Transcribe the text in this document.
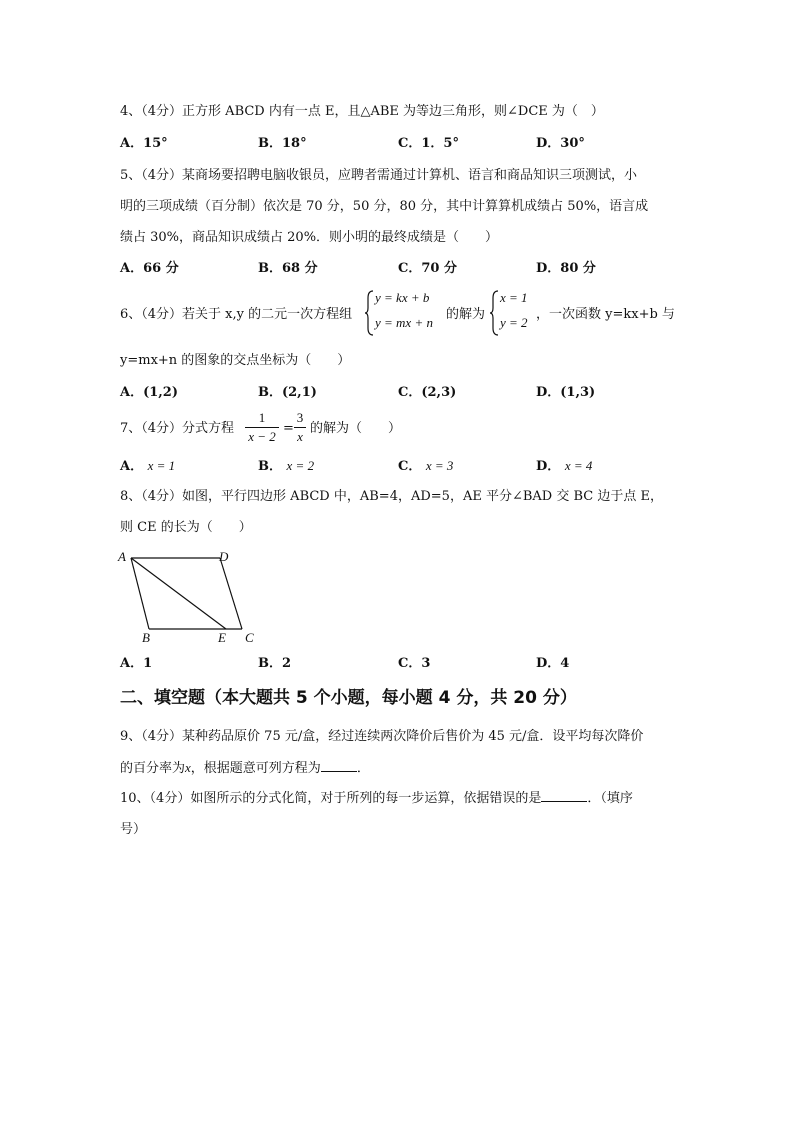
4、（4分）正方形 ABCD 内有一点 E，且△ABE 为等边三角形，则∠DCE 为（　）
A．15°	B．18°	C．1．5°	D．30°
5、（4分）某商场要招聘电脑收银员，应聘者需通过计算机、语言和商品知识三项测试，小
明的三项成绩（百分制）依次是 70 分，50 分，80 分，其中计算算机成绩占 50%，语言成
绩占 30%，商品知识成绩占 20%．则小明的最终成绩是（　　）
A．66 分	B．68 分	C．70 分	D．80 分
6、（4分）若关于 x,y 的二元一次方程组
y = kx + b
y = mx + n
的解为
x = 1
y = 2
，一次函数 y=kx+b 与
y=mx+n 的图象的交点坐标为（　　）
A．(1,2)	B．(2,1)	C．(2,3)	D．(1,3)
7、（4分）分式方程
1
x − 2
=
3
x
的解为（　　）
A． x = 1	B． x = 2	C． x = 3	D． x = 4
8、（4分）如图，平行四边形 ABCD 中，AB=4，AD=5，AE 平分∠BAD 交 BC 边于点 E，
则 CE 的长为（　　）
A	D
B	E C
A．1	B．2	C．3	D．4
二、填空题（本大题共 5 个小题，每小题 4 分，共 20 分）
9、（4分）某种药品原价 75 元/盒，经过连续两次降价后售价为 45 元/盒．设平均每次降价
的百分率为x，根据题意可列方程为	．
10、（4分）如图所示的分式化简，对于所列的每一步运算，依据错误的是	．（填序
号）
